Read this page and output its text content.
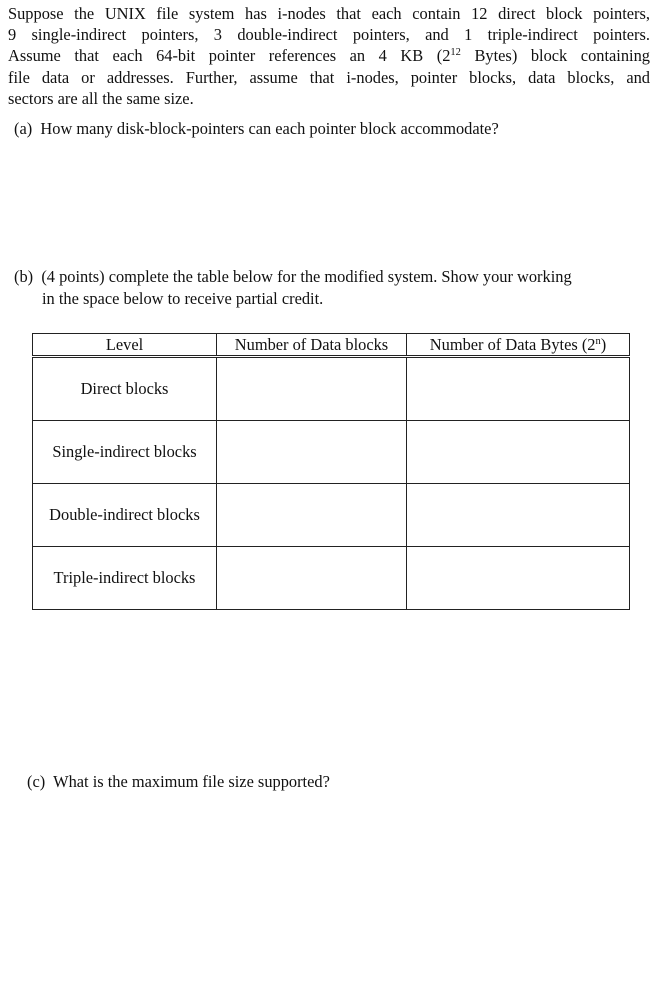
Suppose the UNIX file system has i-nodes that each contain 12 direct block pointers,
9 single-indirect pointers, 3 double-indirect pointers, and 1 triple-indirect pointers.
Assume that each 64-bit pointer references an 4 KB ($2^{12}$ Bytes) block containing
file data or addresses. Further, assume that i-nodes, pointer blocks, data blocks, and
sectors are all the same size.
(a) How many disk-block-pointers can each pointer block accommodate?
(b) (4 points) complete the table below for the modified system. Show your working
in the space below to receive partial credit.
Level	Number of Data blocks	Number of Data Bytes (2$^n$)
Direct blocks		
Single-indirect blocks		
Double-indirect blocks		
Triple-indirect blocks		
(c) What is the maximum file size supported?
